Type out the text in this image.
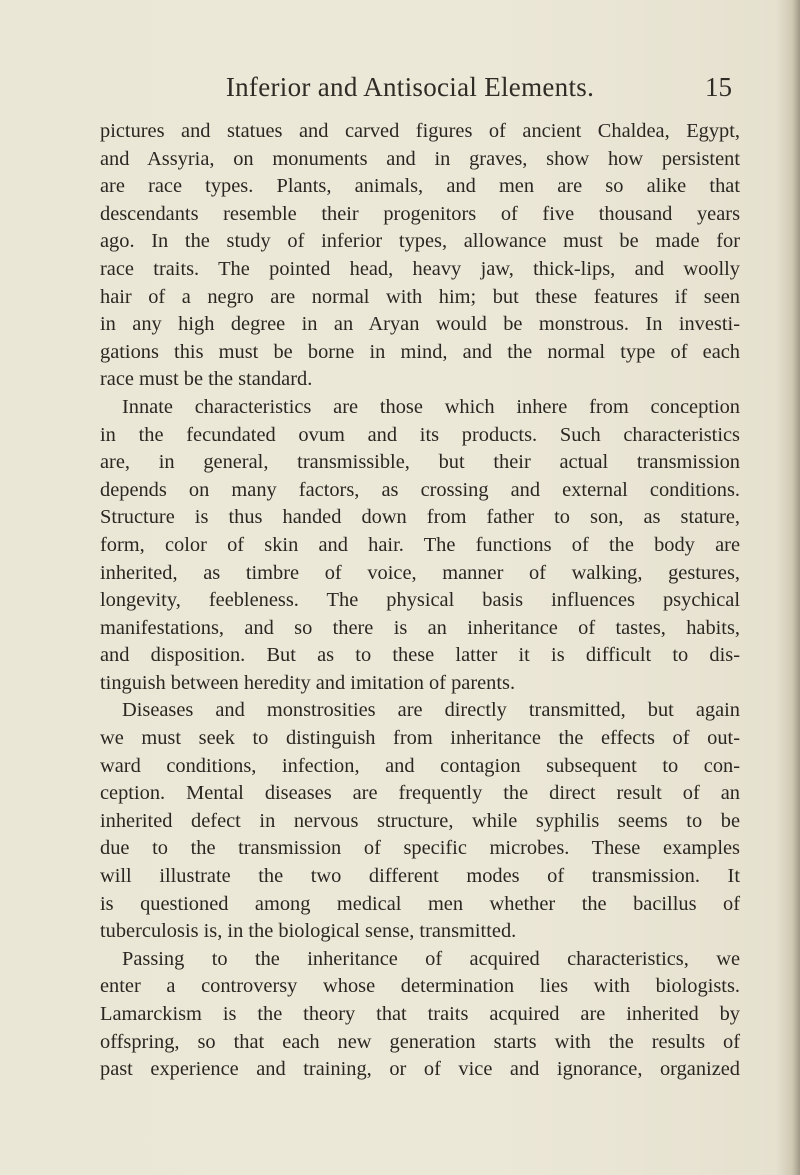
Inferior and Antisocial Elements.	15

pictures and statues and carved figures of ancient Chaldea, Egypt,
and Assyria, on monuments and in graves, show how persistent
are race types. Plants, animals, and men are so alike that
descendants resemble their progenitors of five thousand years
ago. In the study of inferior types, allowance must be made for
race traits. The pointed head, heavy jaw, thick-lips, and woolly
hair of a negro are normal with him; but these features if seen
in any high degree in an Aryan would be monstrous. In investi-
gations this must be borne in mind, and the normal type of each
race must be the standard.

Innate characteristics are those which inhere from conception
in the fecundated ovum and its products. Such characteristics
are, in general, transmissible, but their actual transmission
depends on many factors, as crossing and external conditions.
Structure is thus handed down from father to son, as stature,
form, color of skin and hair. The functions of the body are
inherited, as timbre of voice, manner of walking, gestures,
longevity, feebleness. The physical basis influences psychical
manifestations, and so there is an inheritance of tastes, habits,
and disposition. But as to these latter it is difficult to dis-
tinguish between heredity and imitation of parents.

Diseases and monstrosities are directly transmitted, but again
we must seek to distinguish from inheritance the effects of out-
ward conditions, infection, and contagion subsequent to con-
ception. Mental diseases are frequently the direct result of an
inherited defect in nervous structure, while syphilis seems to be
due to the transmission of specific microbes. These examples
will illustrate the two different modes of transmission. It
is questioned among medical men whether the bacillus of
tuberculosis is, in the biological sense, transmitted.

Passing to the inheritance of acquired characteristics, we
enter a controversy whose determination lies with biologists.
Lamarckism is the theory that traits acquired are inherited by
offspring, so that each new generation starts with the results of
past experience and training, or of vice and ignorance, organized
